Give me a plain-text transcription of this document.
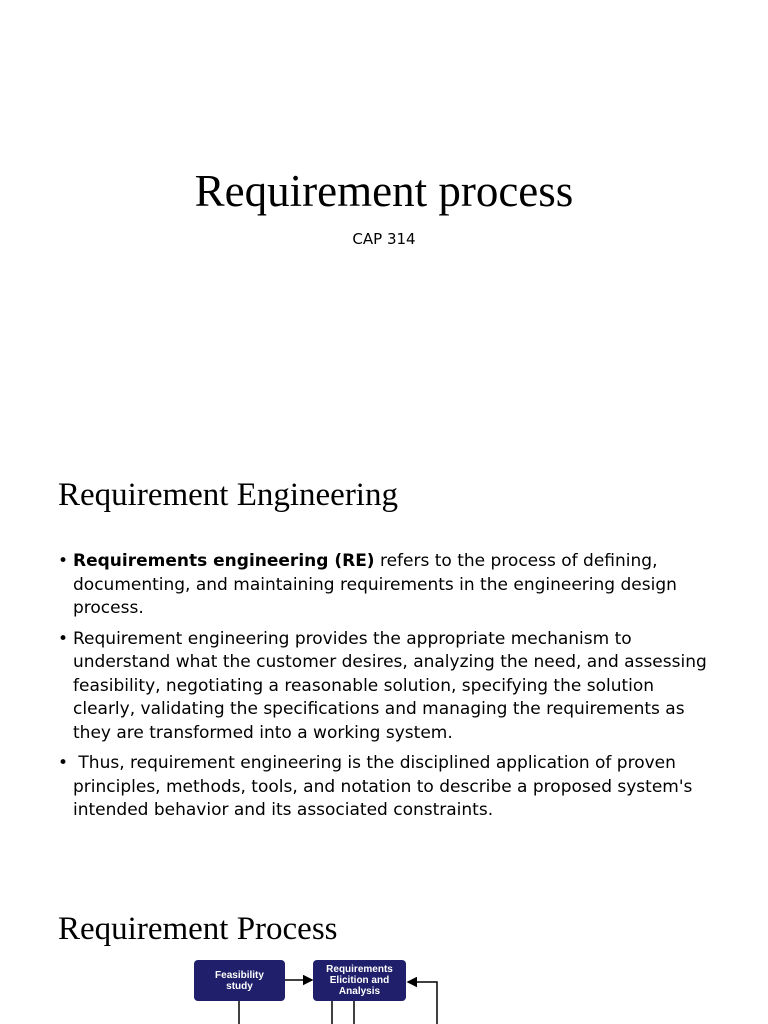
Requirement process
CAP 314
Requirement Engineering
• Requirements engineering (RE) refers to the process of defining, documenting, and maintaining requirements in the engineering design process.
• Requirement engineering provides the appropriate mechanism to understand what the customer desires, analyzing the need, and assessing feasibility, negotiating a reasonable solution, specifying the solution clearly, validating the specifications and managing the requirements as they are transformed into a working system.
•  Thus, requirement engineering is the disciplined application of proven principles, methods, tools, and notation to describe a proposed system's intended behavior and its associated constraints.
Requirement Process
Feasibility
study
Requirements
Elicition and
Analysis
